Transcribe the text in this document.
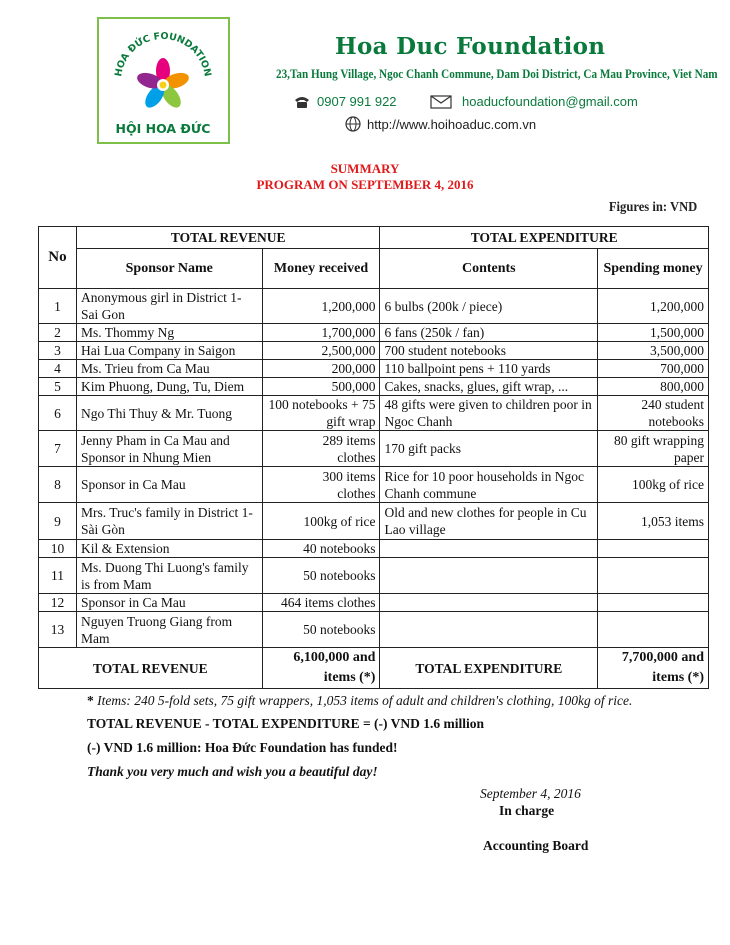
HOA ĐỨC FOUNDATION
HỘI HOA ĐỨC
Hoa Duc Foundation
23,Tan Hung Village, Ngoc Chanh Commune, Dam Doi District, Ca Mau Province, Viet Nam
0907 991 922	hoaducfoundation@gmail.com
http://www.hoihoaduc.com.vn
SUMMARY
PROGRAM ON SEPTEMBER 4, 2016
Figures in: VND
No	TOTAL REVENUE		TOTAL EXPENDITURE	
	Sponsor Name	Money received	Contents	Spending money
1	Anonymous girl in District 1-Sai Gon	1,200,000	6 bulbs (200k / piece)	1,200,000
2	Ms. Thommy Ng	1,700,000	6 fans (250k / fan)	1,500,000
3	Hai Lua Company in Saigon	2,500,000	700 student notebooks	3,500,000
4	Ms. Trieu from Ca Mau	200,000	110 ballpoint pens + 110 yards	700,000
5	Kim Phuong, Dung, Tu, Diem	500,000	Cakes, snacks, glues, gift wrap, ...	800,000
6	Ngo Thi Thuy & Mr. Tuong	100 notebooks + 75 gift wrap	48 gifts were given to children poor in Ngoc Chanh	240 student notebooks
7	Jenny Pham in Ca Mau and Sponsor in Nhung Mien	289 items clothes	170 gift packs	80 gift wrapping paper
8	Sponsor in Ca Mau	300 items clothes	Rice for 10 poor households in Ngoc Chanh commune	100kg of rice
9	Mrs. Truc's family in District 1-Sài Gòn	100kg of rice	Old and new clothes for people in Cu Lao village	1,053 items
10	Kil & Extension	40 notebooks		
11	Ms. Duong Thi Luong's family is from Mam	50 notebooks		
12	Sponsor in Ca Mau	464 items clothes		
13	Nguyen Truong Giang from Mam	50 notebooks		
TOTAL REVENUE		6,100,000 and items (*)	TOTAL EXPENDITURE	7,700,000 and items (*)
* Items: 240 5-fold sets, 75 gift wrappers, 1,053 items of adult and children's clothing, 100kg of rice.
TOTAL REVENUE - TOTAL EXPENDITURE = (-) VND 1.6 million
(-) VND 1.6 million: Hoa Đức Foundation has funded!
Thank you very much and wish you a beautiful day!
September 4, 2016
In charge
Accounting Board
